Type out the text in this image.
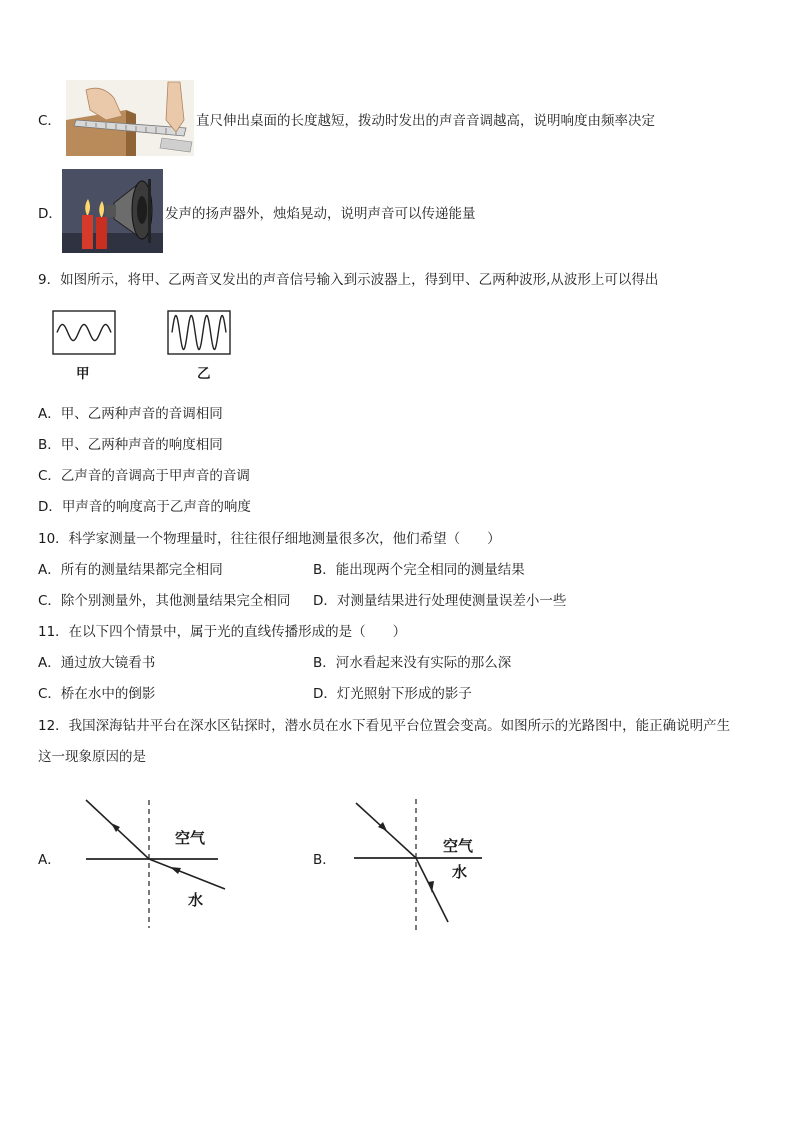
C．	直尺伸出桌面的长度越短，拨动时发出的声音音调越高，说明响度由频率决定
D．	发声的扬声器外，烛焰晃动，说明声音可以传递能量
9．如图所示，将甲、乙两音叉发出的声音信号输入到示波器上，得到甲、乙两种波形,从波形上可以得出
甲	乙
A．甲、乙两种声音的音调相同
B．甲、乙两种声音的响度相同
C．乙声音的音调高于甲声音的音调
D．甲声音的响度高于乙声音的响度
10．科学家测量一个物理量时，往往很仔细地测量很多次，他们希望（　　）
A．所有的测量结果都完全相同	B．能出现两个完全相同的测量结果
C．除个别测量外，其他测量结果完全相同 D．对测量结果进行处理使测量误差小一些
11．在以下四个情景中，属于光的直线传播形成的是（　　）
A．通过放大镜看书	B．河水看起来没有实际的那么深
C．桥在水中的倒影	D．灯光照射下形成的影子
12．我国深海钻井平台在深水区钻探时，潜水员在水下看见平台位置会变高。如图所示的光路图中，能正确说明产生
这一现象原因的是
A．
空气
水
B．
空气
水
